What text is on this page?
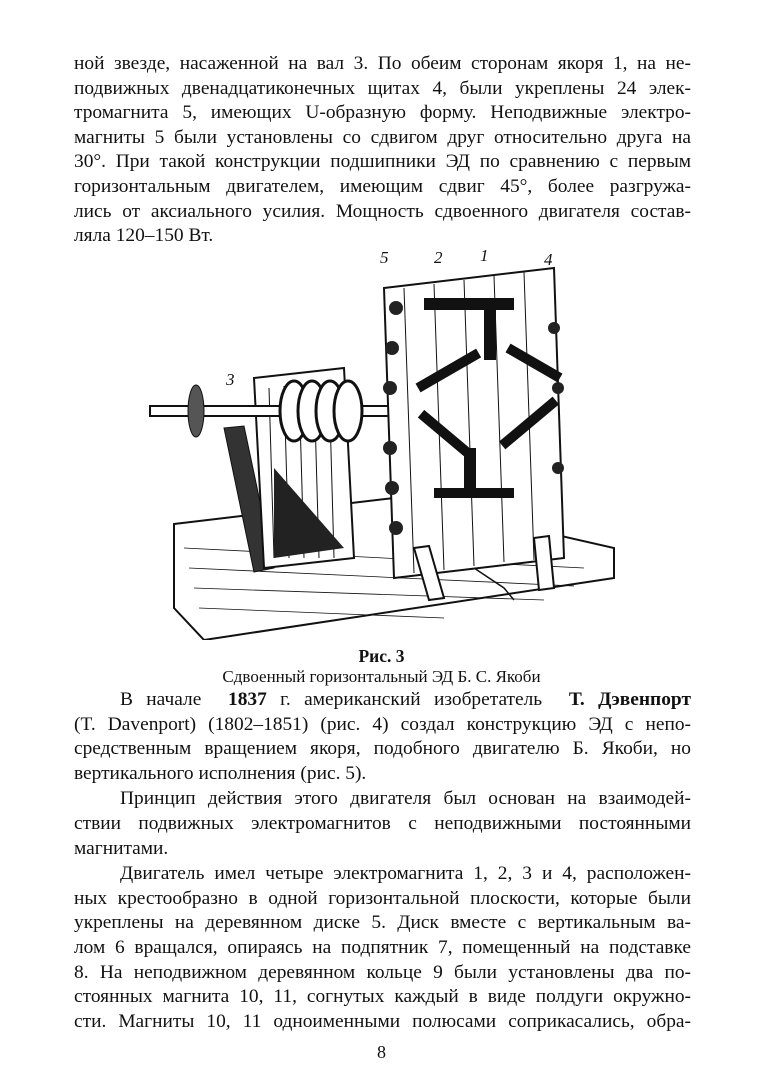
ной звезде, насаженной на вал 3. По обеим сторонам якоря 1, на не-
подвижных двенадцатиконечных щитах 4, были укреплены 24 элек-
тромагнита 5, имеющих U-образную форму. Неподвижные электро-
магниты 5 были установлены со сдвигом друг относительно друга на
30°. При такой конструкции подшипники ЭД по сравнению с первым
горизонтальным двигателем, имеющим сдвиг 45°, более разгружа-
лись от аксиального усилия. Мощность сдвоенного двигателя состав-
ляла 120–150 Вт.

5	2 1	4
3
Рис. 3
Сдвоенный горизонтальный ЭД Б. С. Якоби

В начале 1837 г. американский изобретатель Т. Дэвенпорт
(T. Davenport) (1802–1851) (рис. 4) создал конструкцию ЭД с непо-
средственным вращением якоря, подобного двигателю Б. Якоби, но
вертикального исполнения (рис. 5).

Принцип действия этого двигателя был основан на взаимодей-
ствии подвижных электромагнитов с неподвижными постоянными
магнитами.

Двигатель имел четыре электромагнита 1, 2, 3 и 4, расположен-
ных крестообразно в одной горизонтальной плоскости, которые были
укреплены на деревянном диске 5. Диск вместе с вертикальным ва-
лом 6 вращался, опираясь на подпятник 7, помещенный на подставке
8. На неподвижном деревянном кольце 9 были установлены два по-
стоянных магнита 10, 11, согнутых каждый в виде полдуги окружно-
сти. Магниты 10, 11 одноименными полюсами соприкасались, обра-

8
